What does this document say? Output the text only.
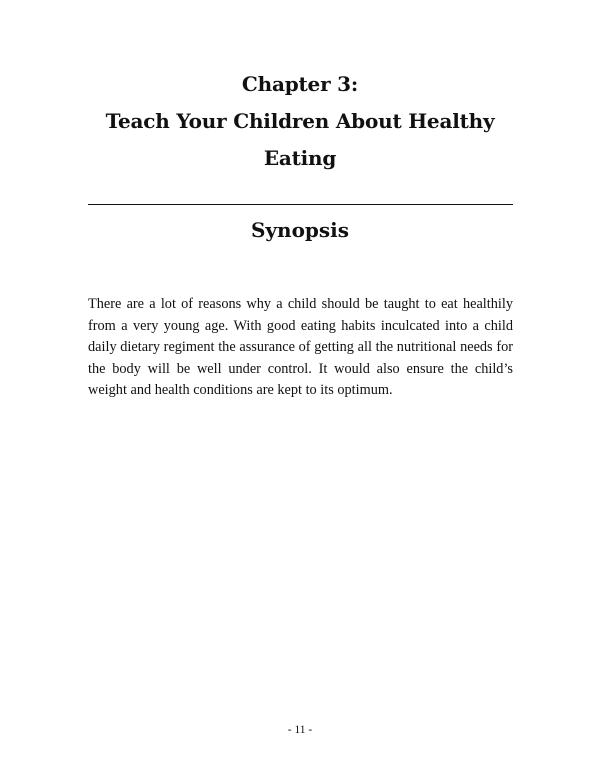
Chapter 3:
Teach Your Children About Healthy
Eating
Synopsis

There are a lot of reasons why a child should be taught to eat healthily from a very young age. With good eating habits inculcated into a child daily dietary regiment the assurance of getting all the nutritional needs for the body will be well under control. It would also ensure the child’s weight and health conditions are kept to its optimum.

- 11 -
